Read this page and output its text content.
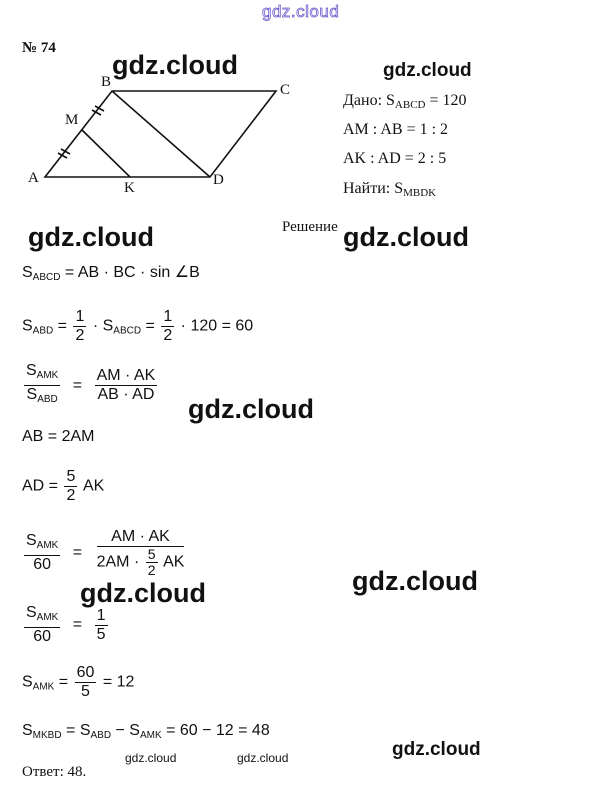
gdz.cloud
gdz.cloud	gdz.cloud
gdz.cloud	gdz.cloud
gdz.cloud
gdz.cloud
gdz.cloud
gdz.cloud
gdz.cloud	gdz.cloud
№ 74
A
B	C
D
M
K
Дано: $S_{ABCD} = 120$
AM : AB = 1 : 2
AK : AD = 2 : 5
Найти: $S_{MBDK}$
Решение
$S_{ABCD}$ = AB · BC · sin ∠B
$S_{ABD} = \frac{1}{2} \cdot S_{ABCD} = \frac{1}{2} \cdot 120 = 60$
$\frac{S_{AMK}}{S_{ABD}} = \frac{AM \cdot AK}{AB \cdot AD}$
AB = 2AM
AD = $\frac{5}{2}$ AK
$\frac{S_{AMK}}{60} = \frac{AM \cdot AK}{2AM \cdot \frac{5}{2} AK}$
$\frac{S_{AMK}}{60} = \frac{1}{5}$
$S_{AMK} = \frac{60}{5} = 12$
$S_{MKBD} = S_{ABD} - S_{AMK} = 60 - 12 = 48$
Ответ: 48.
